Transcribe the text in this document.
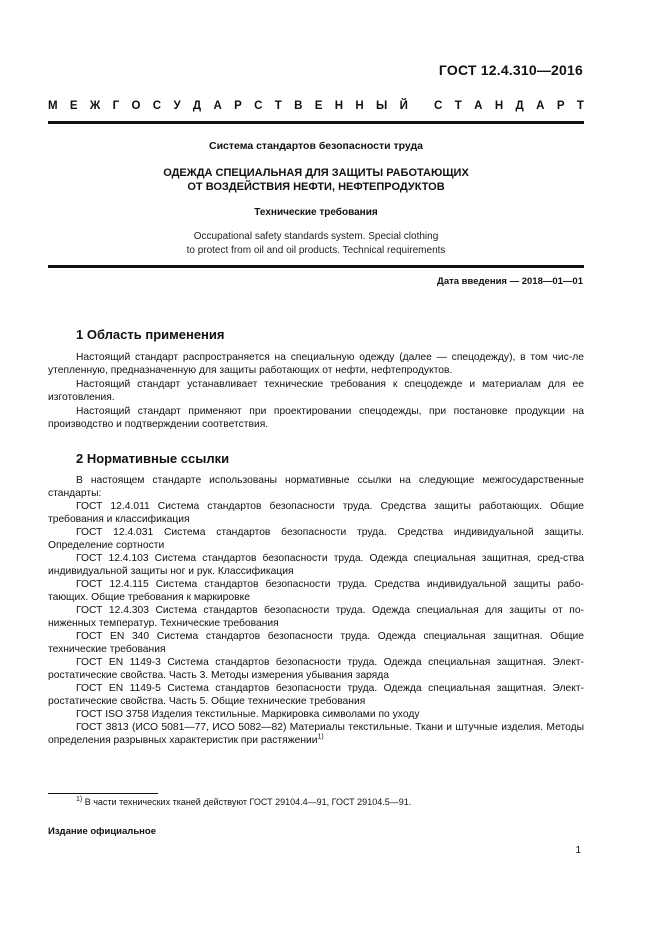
ГОСТ 12.4.310—2016
М Е Ж Г О С У Д А Р С Т В Е Н Н Ы Й С Т А Н Д А Р Т
Система стандартов безопасности труда
ОДЕЖДА СПЕЦИАЛЬНАЯ ДЛЯ ЗАЩИТЫ РАБОТАЮЩИХ
ОТ ВОЗДЕЙСТВИЯ НЕФТИ, НЕФТЕПРОДУКТОВ
Технические требования
Occupational safety standards system. Special clothing
to protect from oil and oil products. Technical requirements
Дата введения — 2018—01—01
1 Область применения
Настоящий стандарт распространяется на специальную одежду (далее — спецодежду), в том чис-ле утепленную, предназначенную для защиты работающих от нефти, нефтепродуктов.
Настоящий стандарт устанавливает технические требования к спецодежде и материалам для ее изготовления.
Настоящий стандарт применяют при проектировании спецодежды, при постановке продукции на производство и подтверждении соответствия.
2 Нормативные ссылки
В настоящем стандарте использованы нормативные ссылки на следующие межгосударственные стандарты:
ГОСТ 12.4.011 Система стандартов безопасности труда. Средства защиты работающих. Общие требования и классификация
ГОСТ 12.4.031 Система стандартов безопасности труда. Средства индивидуальной защиты. Определение сортности
ГОСТ 12.4.103 Система стандартов безопасности труда. Одежда специальная защитная, сред-ства индивидуальной защиты ног и рук. Классификация
ГОСТ 12.4.115 Система стандартов безопасности труда. Средства индивидуальной защиты рабо-тающих. Общие требования к маркировке
ГОСТ 12.4.303 Система стандартов безопасности труда. Одежда специальная для защиты от по-ниженных температур. Технические требования
ГОСТ EN 340 Система стандартов безопасности труда. Одежда специальная защитная. Общие технические требования
ГОСТ EN 1149-3 Система стандартов безопасности труда. Одежда специальная защитная. Элект-ростатические свойства. Часть 3. Методы измерения убывания заряда
ГОСТ EN 1149-5 Система стандартов безопасности труда. Одежда специальная защитная. Элект-ростатические свойства. Часть 5. Общие технические требования
ГОСТ ISO 3758 Изделия текстильные. Маркировка символами по уходу
ГОСТ 3813 (ИСО 5081—77, ИСО 5082—82) Материалы текстильные. Ткани и штучные изделия. Методы определения разрывных характеристик при растяжении$^{1)}$
$^{1)}$ В части технических тканей действуют ГОСТ 29104.4—91, ГОСТ 29104.5—91.
Издание официальное
1
